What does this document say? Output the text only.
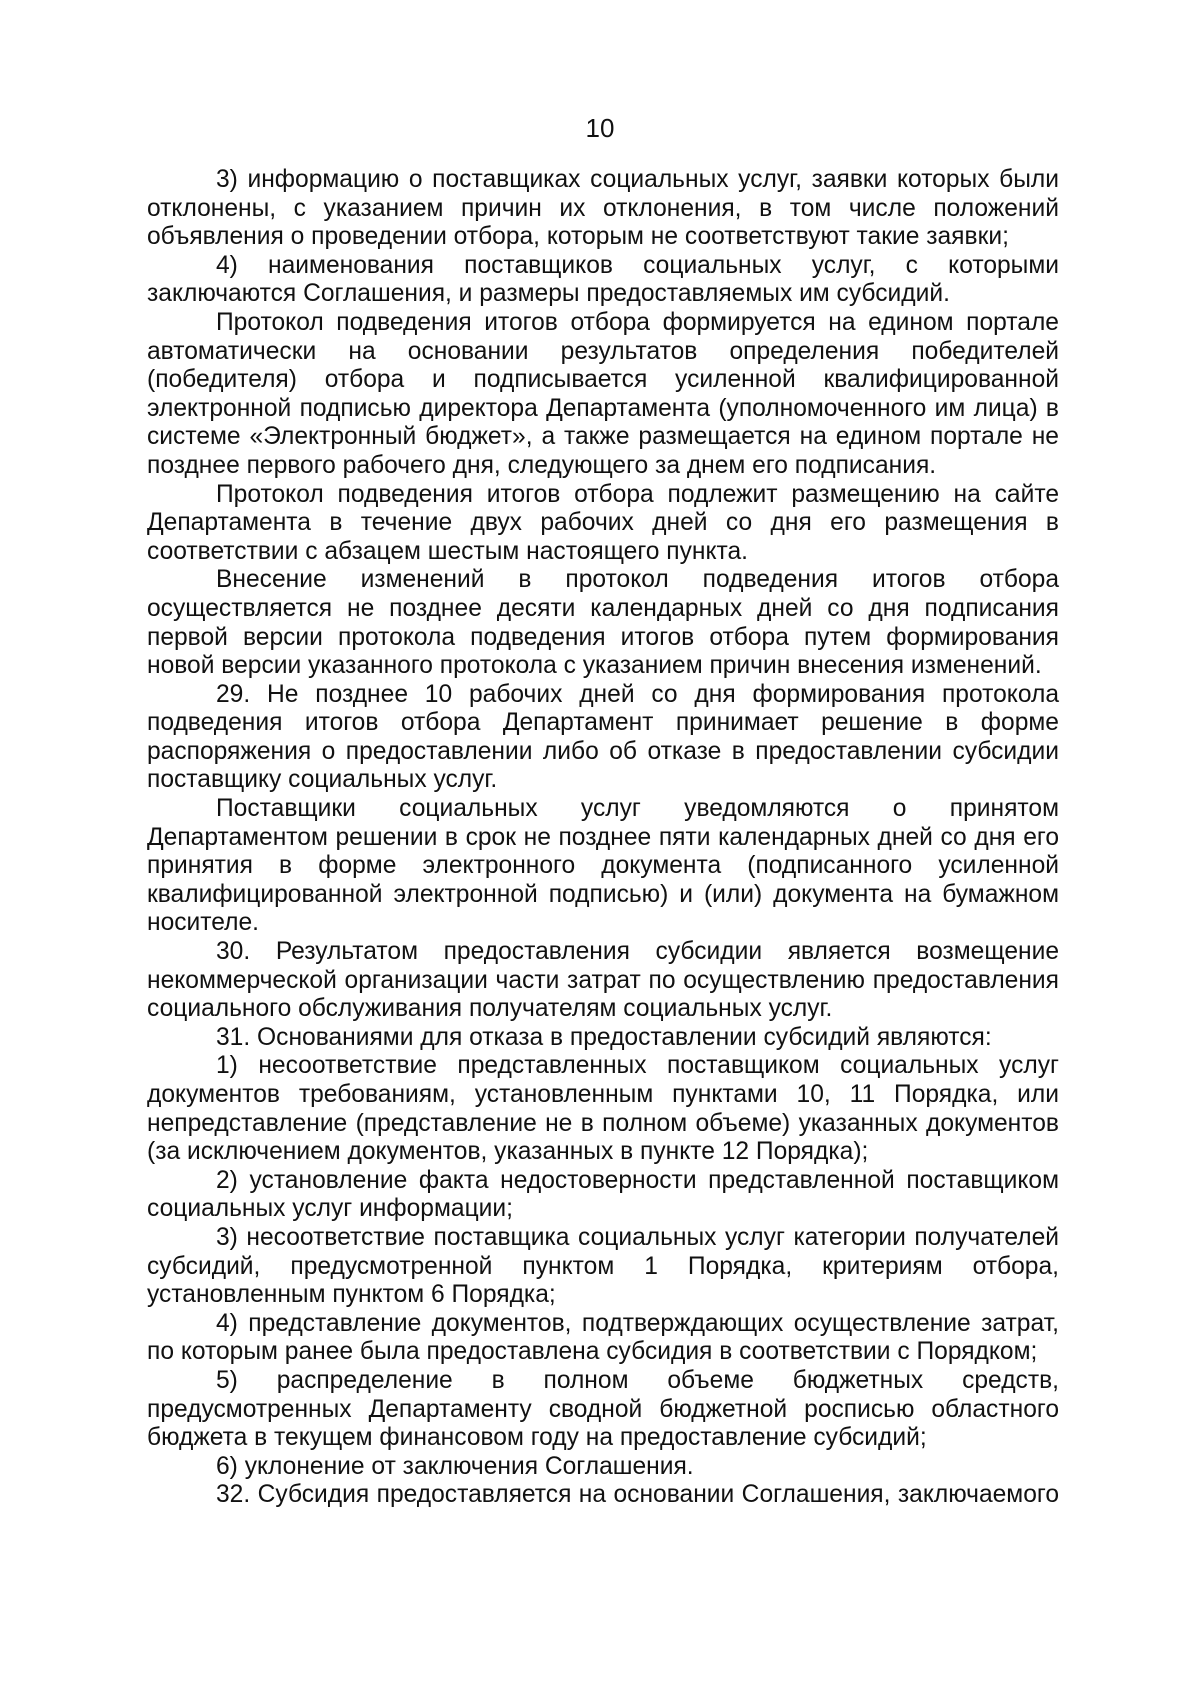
10

3) информацию о поставщиках социальных услуг, заявки которых были отклонены, с указанием причин их отклонения, в том числе положений объявления о проведении отбора, которым не соответствуют такие заявки;

4) наименования поставщиков социальных услуг, с которыми заключаются Соглашения, и размеры предоставляемых им субсидий.

Протокол подведения итогов отбора формируется на едином портале автоматически на основании результатов определения победителей (победителя) отбора и подписывается усиленной квалифицированной электронной подписью директора Департамента (уполномоченного им лица) в системе «Электронный бюджет», а также размещается на едином портале не позднее первого рабочего дня, следующего за днем его подписания.

Протокол подведения итогов отбора подлежит размещению на сайте Департамента в течение двух рабочих дней со дня его размещения в соответствии с абзацем шестым настоящего пункта.

Внесение изменений в протокол подведения итогов отбора осуществляется не позднее десяти календарных дней со дня подписания первой версии протокола подведения итогов отбора путем формирования новой версии указанного протокола с указанием причин внесения изменений.

29. Не позднее 10 рабочих дней со дня формирования протокола подведения итогов отбора Департамент принимает решение в форме распоряжения о предоставлении либо об отказе в предоставлении субсидии поставщику социальных услуг.

Поставщики социальных услуг уведомляются о принятом Департаментом решении в срок не позднее пяти календарных дней со дня его принятия в форме электронного документа (подписанного усиленной квалифицированной электронной подписью) и (или) документа на бумажном носителе.

30. Результатом предоставления субсидии является возмещение некоммерческой организации части затрат по осуществлению предоставления социального обслуживания получателям социальных услуг.

31. Основаниями для отказа в предоставлении субсидий являются:

1) несоответствие представленных поставщиком социальных услуг документов требованиям, установленным пунктами 10, 11 Порядка, или непредставление (представление не в полном объеме) указанных документов (за исключением документов, указанных в пункте 12 Порядка);

2) установление факта недостоверности представленной поставщиком социальных услуг информации;

3) несоответствие поставщика социальных услуг категории получателей субсидий, предусмотренной пунктом 1 Порядка, критериям отбора, установленным пунктом 6 Порядка;

4) представление документов, подтверждающих осуществление затрат, по которым ранее была предоставлена субсидия в соответствии с Порядком;

5) распределение в полном объеме бюджетных средств, предусмотренных Департаменту сводной бюджетной росписью областного бюджета в текущем финансовом году на предоставление субсидий;

6) уклонение от заключения Соглашения.

32. Субсидия предоставляется на основании Соглашения, заключаемого
